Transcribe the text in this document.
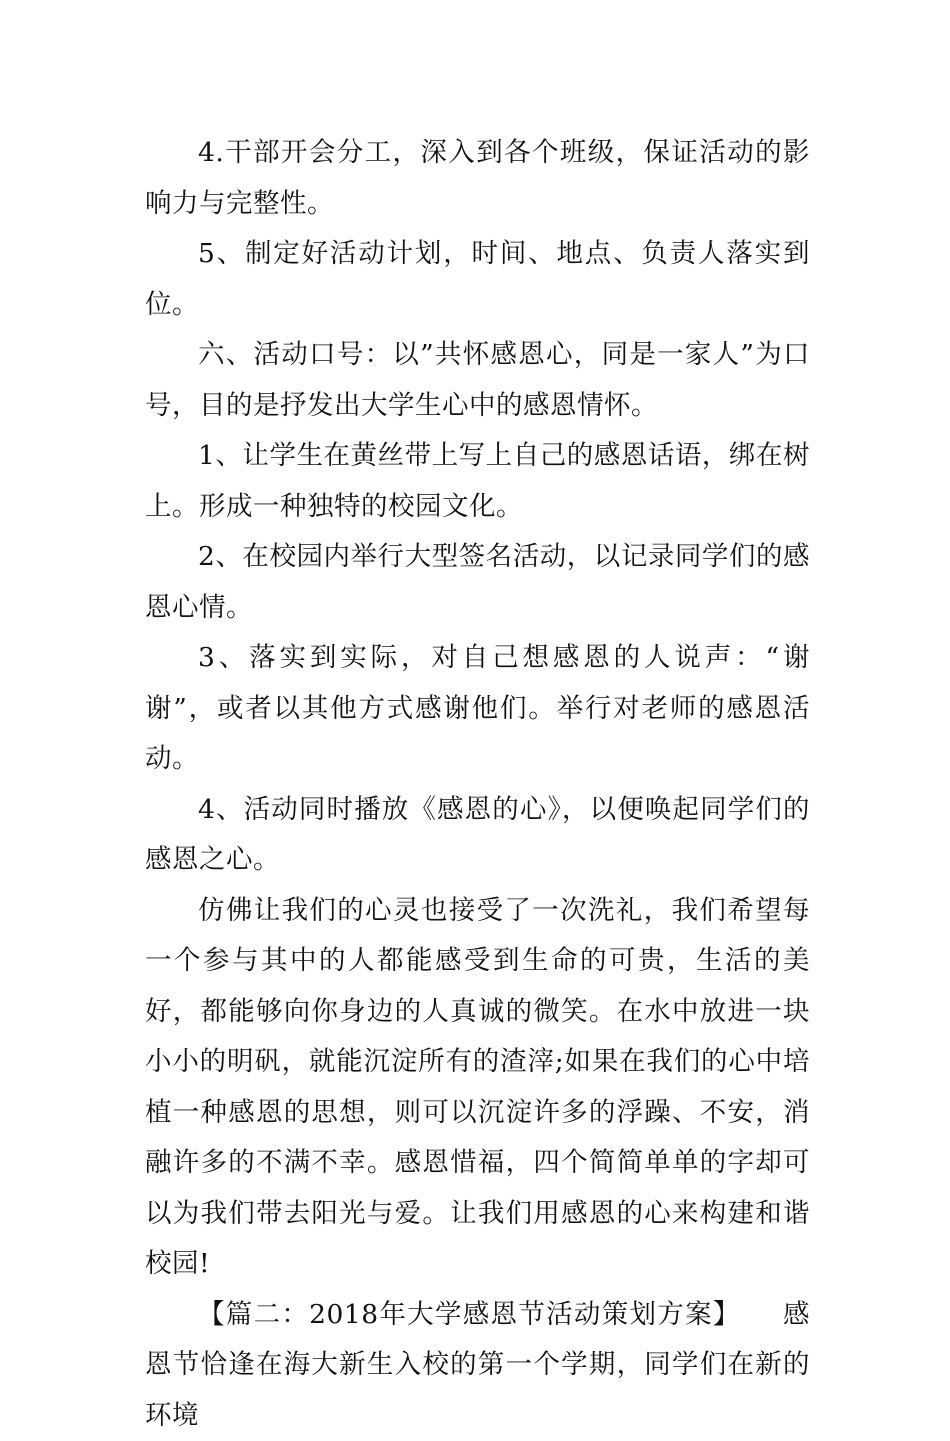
4.干部开会分工，深入到各个班级，保证活动的影响力与完整性。

5、制定好活动计划，时间、地点、负责人落实到位。

六、活动口号：以”共怀感恩心，同是一家人”为口号，目的是抒发出大学生心中的感恩情怀。

1、让学生在黄丝带上写上自己的感恩话语，绑在树上。形成一种独特的校园文化。

2、在校园内举行大型签名活动，以记录同学们的感恩心情。

3、落实到实际，对自己想感恩的人说声：“谢谢”，或者以其他方式感谢他们。举行对老师的感恩活动。

4、活动同时播放《感恩的心》，以便唤起同学们的感恩之心。

仿佛让我们的心灵也接受了一次洗礼，我们希望每一个参与其中的人都能感受到生命的可贵，生活的美好，都能够向你身边的人真诚的微笑。在水中放进一块小小的明矾，就能沉淀所有的渣滓;如果在我们的心中培植一种感恩的思想，则可以沉淀许多的浮躁、不安，消融许多的不满不幸。感恩惜福，四个简简单单的字却可以为我们带去阳光与爱。让我们用感恩的心来构建和谐校园!

【篇二：2018年大学感恩节活动策划方案】　　感恩节恰逢在海大新生入校的第一个学期，同学们在新的环境
